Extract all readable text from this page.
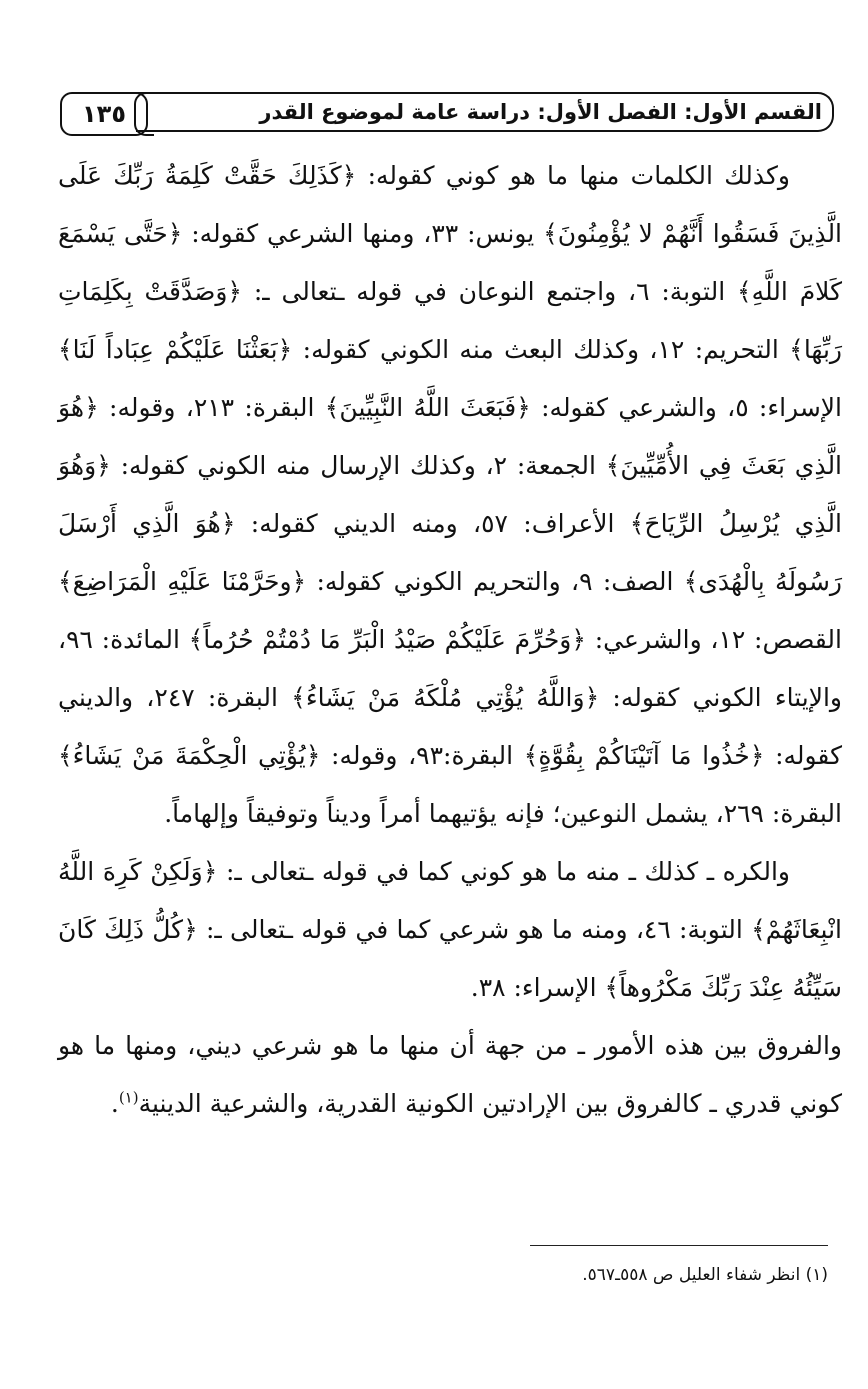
١٣٥	القسم الأول: الفصل الأول: دراسة عامة لموضوع القدر

وكذلك الكلمات منها ما هو كوني كقوله: ﴿كَذَلِكَ حَقَّتْ كَلِمَةُ رَبِّكَ عَلَى الَّذِينَ فَسَقُوا أَنَّهُمْ لا يُؤْمِنُونَ﴾ يونس: ٣٣، ومنها الشرعي كقوله: ﴿حَتَّى يَسْمَعَ كَلامَ اللَّهِ﴾ التوبة: ٦، واجتمع النوعان في قوله ـتعالى ـ: ﴿وَصَدَّقَتْ بِكَلِمَاتِ رَبِّهَا﴾ التحريم: ١٢، وكذلك البعث منه الكوني كقوله: ﴿بَعَثْنَا عَلَيْكُمْ عِبَاداً لَنَا﴾ الإسراء: ٥، والشرعي كقوله: ﴿فَبَعَثَ اللَّهُ النَّبِيِّينَ﴾ البقرة: ٢١٣، وقوله: ﴿هُوَ الَّذِي بَعَثَ فِي الأُمِّيِّينَ﴾ الجمعة: ٢، وكذلك الإرسال منه الكوني كقوله: ﴿وَهُوَ الَّذِي يُرْسِلُ الرِّيَاحَ﴾ الأعراف: ٥٧، ومنه الديني كقوله: ﴿هُوَ الَّذِي أَرْسَلَ رَسُولَهُ بِالْهُدَى﴾ الصف: ٩، والتحريم الكوني كقوله: ﴿وحَرَّمْنَا عَلَيْهِ الْمَرَاضِعَ﴾ القصص: ١٢، والشرعي: ﴿وَحُرِّمَ عَلَيْكُمْ صَيْدُ الْبَرِّ مَا دُمْتُمْ حُرُماً﴾ المائدة: ٩٦، والإيتاء الكوني كقوله: ﴿وَاللَّهُ يُؤْتِي مُلْكَهُ مَنْ يَشَاءُ﴾ البقرة: ٢٤٧، والديني كقوله: ﴿خُذُوا مَا آتَيْنَاكُمْ بِقُوَّةٍ﴾ البقرة:٩٣، وقوله: ﴿يُؤْتِي الْحِكْمَةَ مَنْ يَشَاءُ﴾ البقرة: ٢٦٩، يشمل النوعين؛ فإنه يؤتيهما أمراً وديناً وتوفيقاً وإلهاماً.

والكره ـ كذلك ـ منه ما هو كوني كما في قوله ـتعالى ـ: ﴿وَلَكِنْ كَرِهَ اللَّهُ انْبِعَاثَهُمْ﴾ التوبة: ٤٦، ومنه ما هو شرعي كما في قوله ـتعالى ـ: ﴿كُلُّ ذَلِكَ كَانَ سَيِّئُهُ عِنْدَ رَبِّكَ مَكْرُوهاً﴾ الإسراء: ٣٨.

والفروق بين هذه الأمور ـ من جهة أن منها ما هو شرعي ديني، ومنها ما هو كوني قدري ـ كالفروق بين الإرادتين الكونية القدرية، والشرعية الدينية$^{(١)}$.

(١) انظر شفاء العليل ص ٥٥٨ـ٥٦٧.
